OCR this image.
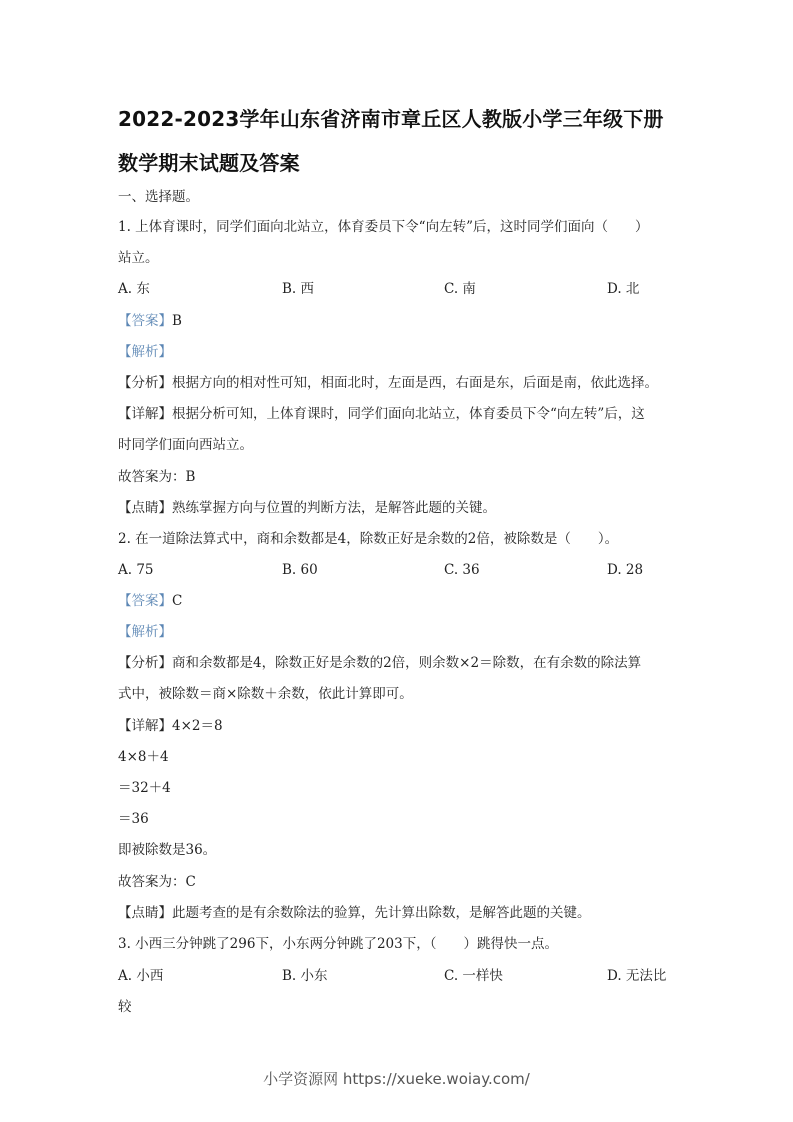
2022-2023学年山东省济南市章丘区人教版小学三年级下册
数学期末试题及答案
一、选择题。
1. 上体育课时，同学们面向北站立，体育委员下令“向左转”后，这时同学们面向（　　）
站立。
A. 东	B. 西	C. 南	D. 北
【答案】B
【解析】
【分析】根据方向的相对性可知，相面北时，左面是西，右面是东，后面是南，依此选择。
【详解】根据分析可知，上体育课时，同学们面向北站立，体育委员下令“向左转”后，这
时同学们面向西站立。
故答案为：B
【点睛】熟练掌握方向与位置的判断方法，是解答此题的关键。
2. 在一道除法算式中，商和余数都是4，除数正好是余数的2倍，被除数是（　　）。
A. 75	B. 60	C. 36	D. 28
【答案】C
【解析】
【分析】商和余数都是4，除数正好是余数的2倍，则余数×2＝除数，在有余数的除法算
式中，被除数＝商×除数＋余数，依此计算即可。
【详解】4×2＝8
4×8＋4
＝32＋4
＝36
即被除数是36。
故答案为：C
【点睛】此题考查的是有余数除法的验算，先计算出除数，是解答此题的关键。
3. 小西三分钟跳了296下，小东两分钟跳了203下，（　　）跳得快一点。
A. 小西	B. 小东	C. 一样快	D. 无法比
较
小学资源网 https://xueke.woiay.com/
